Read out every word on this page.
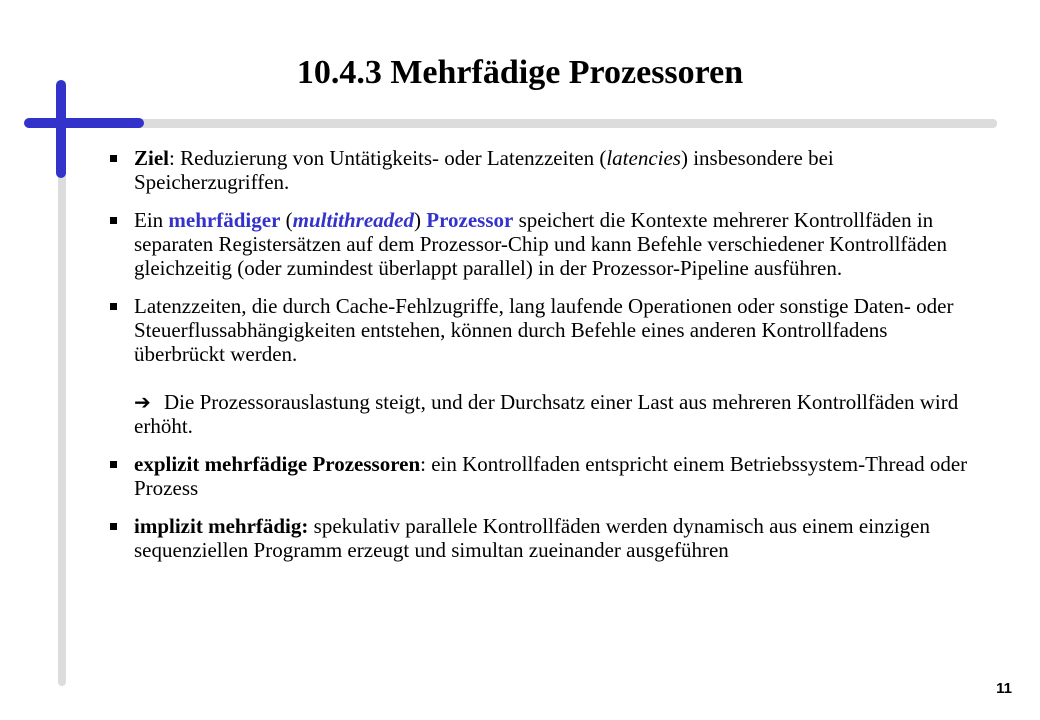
10.4.3 Mehrfädige Prozessoren
Ziel: Reduzierung von Untätigkeits- oder Latenzzeiten (latencies) insbesondere bei Speicherzugriffen.
Ein mehrfädiger (multithreaded) Prozessor speichert die Kontexte mehrerer Kontrollfäden in separaten Registersätzen auf dem Prozessor-Chip und kann Befehle verschiedener Kontrollfäden gleichzeitig (oder zumindest überlappt parallel) in der Prozessor-Pipeline ausführen.
Latenzzeiten, die durch Cache-Fehlzugriffe, lang laufende Operationen oder sonstige Daten- oder Steuerflussabhängigkeiten entstehen, können durch Befehle eines anderen Kontrollfadens überbrückt werden.
➔ Die Prozessorauslastung steigt, und der Durchsatz einer Last aus mehreren Kontrollfäden wird erhöht.
explizit mehrfädige Prozessoren: ein Kontrollfaden entspricht einem Betriebssystem-Thread oder Prozess
implizit mehrfädig: spekulativ parallele Kontrollfäden werden dynamisch aus einem einzigen sequenziellen Programm erzeugt und simultan zueinander ausgeführen
11
